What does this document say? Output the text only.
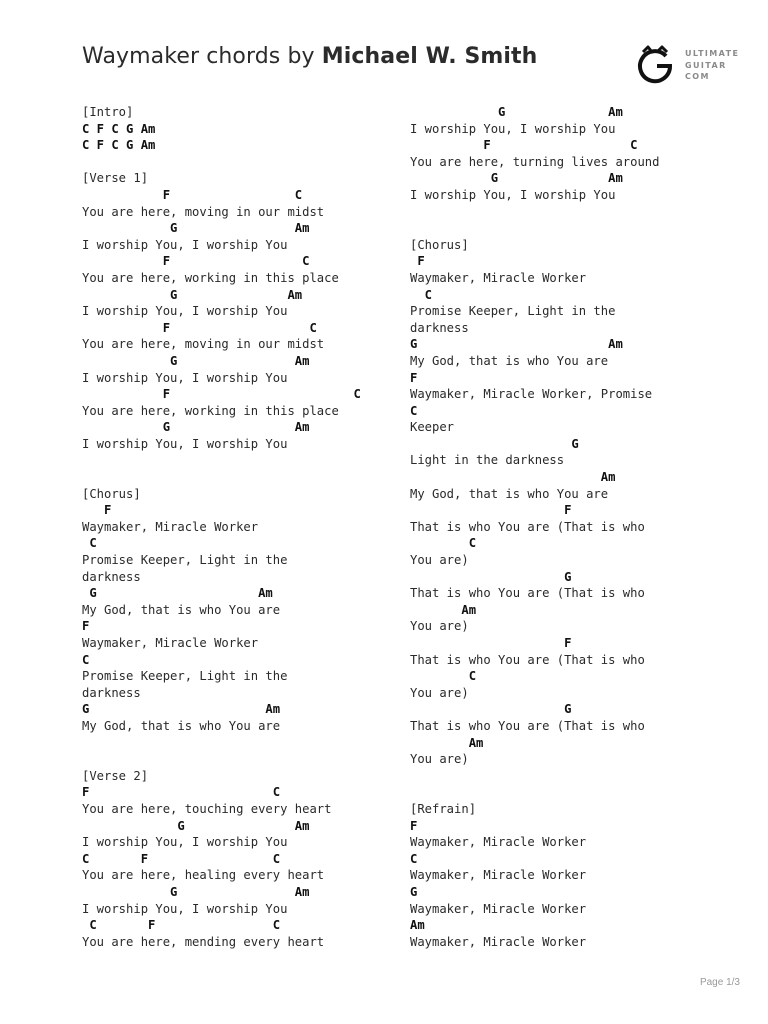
Waymaker chords by Michael W. Smith	ULTIMATE
GUITAR
COM
[Intro]
C F C G Am
C F C G Am
[Verse 1]
F                 C
You are here, moving in our midst
G                Am
I worship You, I worship You
F                  C
You are here, working in this place
G               Am
I worship You, I worship You
F                   C
You are here, moving in our midst
G                Am
I worship You, I worship You
F                         C
You are here, working in this place
G                 Am
I worship You, I worship You
[Chorus]
F
Waymaker, Miracle Worker
C
Promise Keeper, Light in the
darkness
G                      Am
My God, that is who You are
F
Waymaker, Miracle Worker
C
Promise Keeper, Light in the
darkness
G                        Am
My God, that is who You are
[Verse 2]
F                         C
You are here, touching every heart
G               Am
I worship You, I worship You
C       F                 C
You are here, healing every heart
G                Am
I worship You, I worship You
C       F                C
You are here, mending every heart
G              Am
I worship You, I worship You
F                   C
You are here, turning lives around
G               Am
I worship You, I worship You
[Chorus]
F
Waymaker, Miracle Worker
C
Promise Keeper, Light in the
darkness
G                          Am
My God, that is who You are
F
Waymaker, Miracle Worker, Promise
C
Keeper
G
Light in the darkness
Am
My God, that is who You are
F
That is who You are (That is who
C
You are)
G
That is who You are (That is who
Am
You are)
F
That is who You are (That is who
C
You are)
G
That is who You are (That is who
Am
You are)
[Refrain]
F
Waymaker, Miracle Worker
C
Waymaker, Miracle Worker
G
Waymaker, Miracle Worker
Am
Waymaker, Miracle Worker
Page 1/3
